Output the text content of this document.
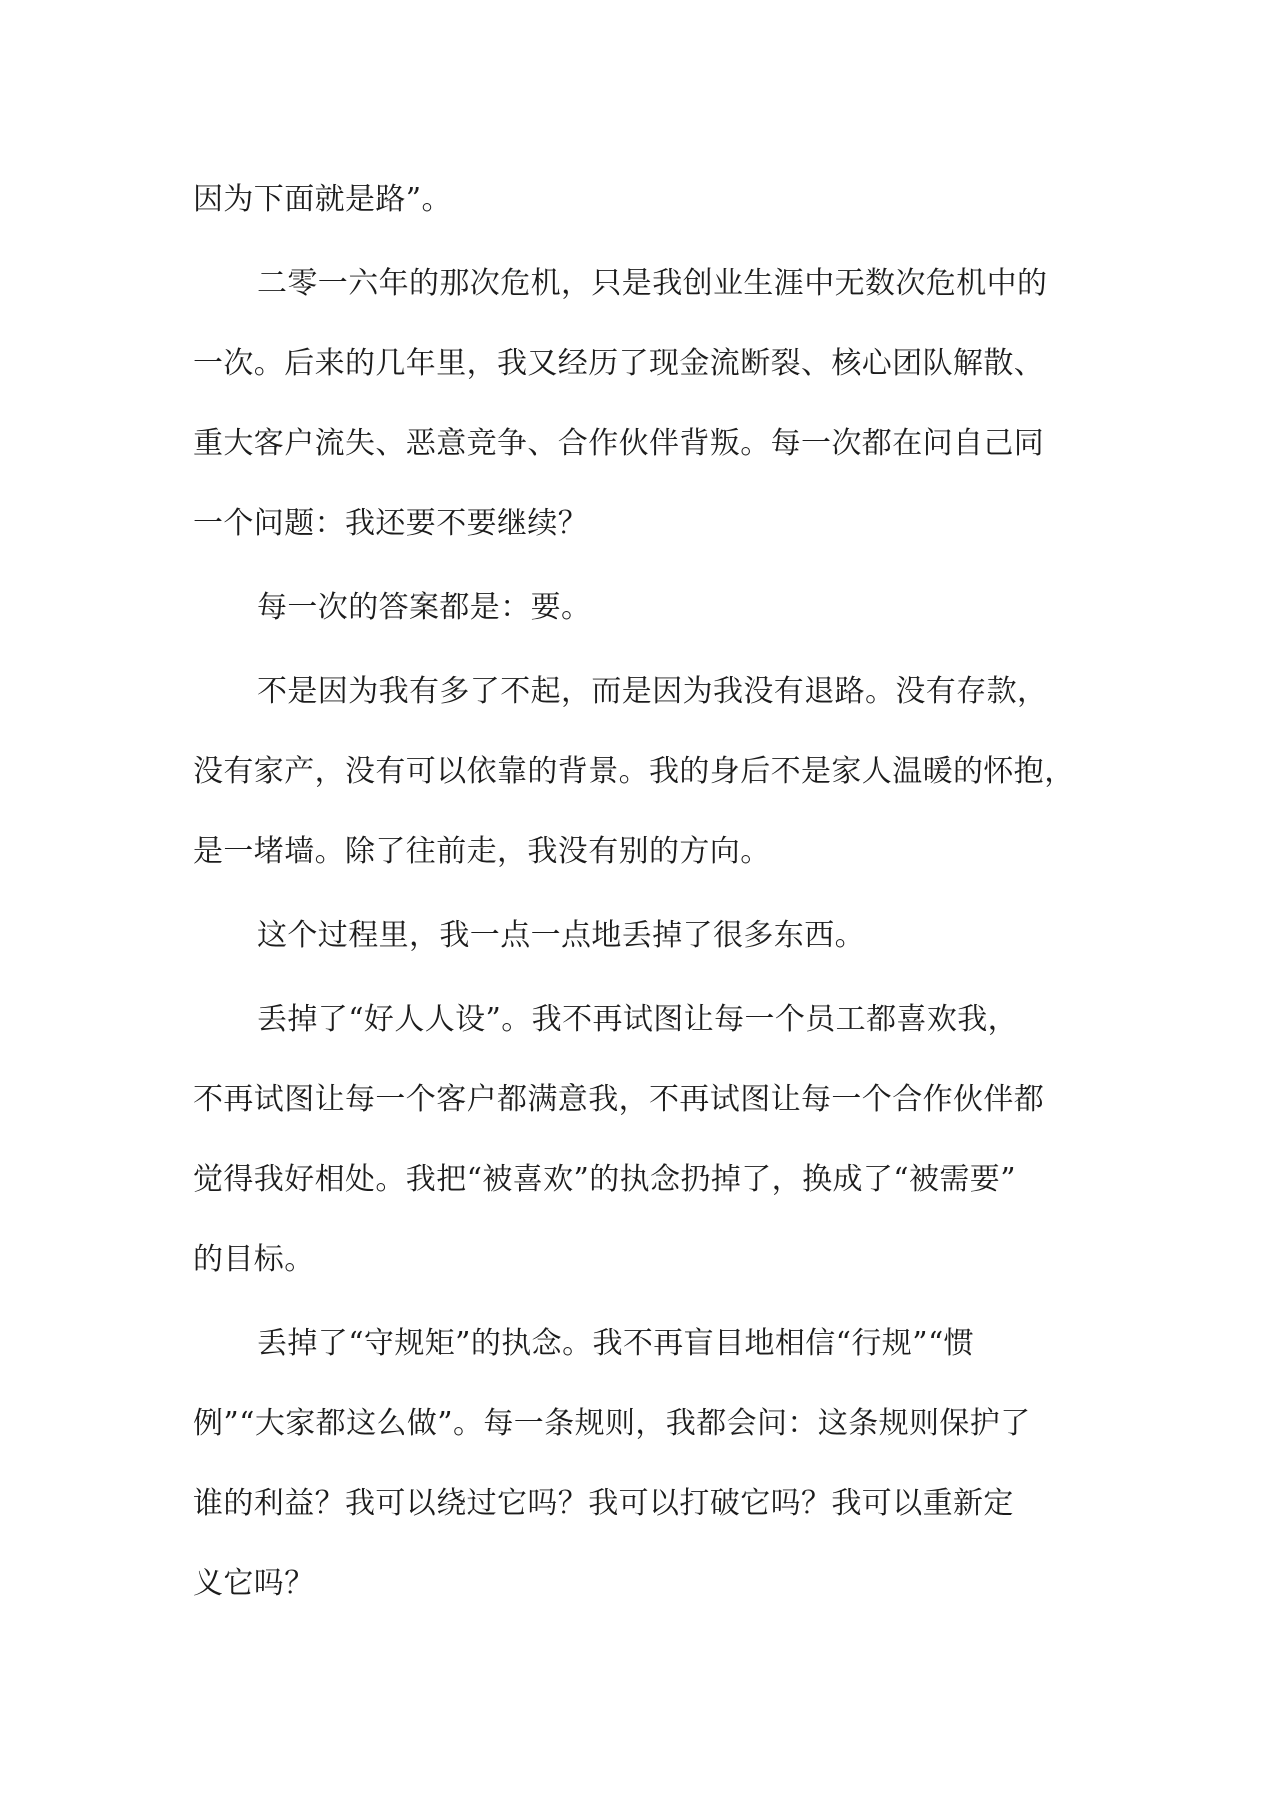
因为下面就是路”。

二零一六年的那次危机，只是我创业生涯中无数次危机中的

一次。后来的几年里，我又经历了现金流断裂、核心团队解散、

重大客户流失、恶意竞争、合作伙伴背叛。每一次都在问自己同

一个问题：我还要不要继续？

每一次的答案都是：要。

不是因为我有多了不起，而是因为我没有退路。没有存款，

没有家产，没有可以依靠的背景。我的身后不是家人温暖的怀抱，

是一堵墙。除了往前走，我没有别的方向。

这个过程里，我一点一点地丢掉了很多东西。

丢掉了“好人人设”。我不再试图让每一个员工都喜欢我，

不再试图让每一个客户都满意我，不再试图让每一个合作伙伴都

觉得我好相处。我把“被喜欢”的执念扔掉了，换成了“被需要”

的目标。

丢掉了“守规矩”的执念。我不再盲目地相信“行规”“惯

例”“大家都这么做”。每一条规则，我都会问：这条规则保护了

谁的利益？我可以绕过它吗？我可以打破它吗？我可以重新定

义它吗？
